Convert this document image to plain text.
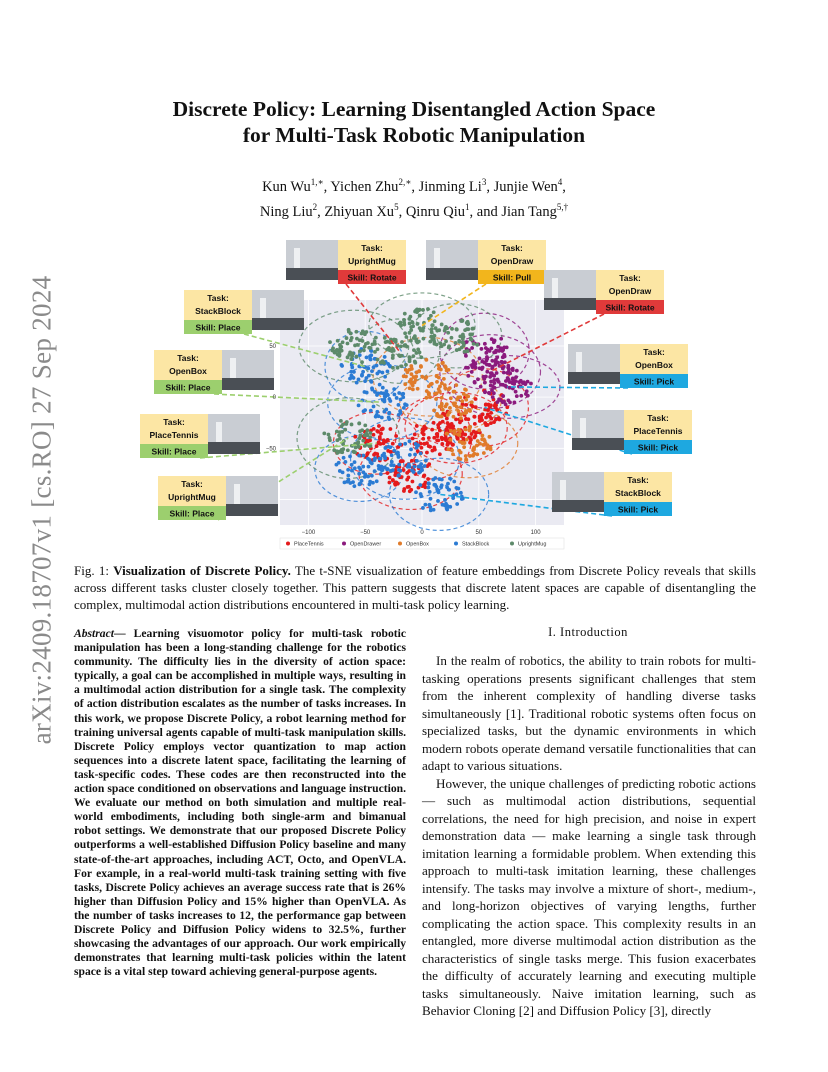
arXiv:2409.18707v1 [cs.RO] 27 Sep 2024
Discrete Policy: Learning Disentangled Action Space
for Multi-Task Robotic Manipulation
Kun $Wu^{1,∗}$, Yichen Zhu$^{2,∗}$, Jinming Li$^3$, Junjie Wen$^4$,
Ning Liu$^2$, Zhiyuan Xu$^5$, Qinru Qiu$^1$, and Jian Tang$^{5,\dagger}$
−100	−50	0	50	100
50
0
−50
Task:
UprightMug
Skill: Rotate
Task:
OpenDraw
Skill: Pull
Task:
StackBlock
Skill: Place
Task:
OpenDraw
Skill: Rotate
Task:
OpenBox
Skill: Place
Task:
OpenBox
Skill: Pick
Task:
PlaceTennis
Skill: Place
Task:
PlaceTennis
Skill: Pick
Task:
UprightMug
Skill: Place
Task:
StackBlock
Skill: Pick
PlaceTennis	OpenDrawer	OpenBox	StackBlock	UprightMug
Fig. 1: Visualization of Discrete Policy. The t-SNE visualization of feature embeddings from Discrete Policy reveals that skills across different tasks cluster closely together. This pattern suggests that discrete latent spaces are capable of disentangling the complex, multimodal action distributions encountered in multi-task policy learning.
Abstract— Learning visuomotor policy for multi-task robotic manipulation has been a long-standing challenge for the robotics community. The difficulty lies in the diversity of action space: typically, a goal can be accomplished in multiple ways, resulting in a multimodal action distribution for a single task. The complexity of action distribution escalates as the number of tasks increases. In this work, we propose Discrete Policy, a robot learning method for training universal agents capable of multi-task manipulation skills. Discrete Policy employs vector quantization to map action sequences into a discrete latent space, facilitating the learning of task-specific codes. These codes are then reconstructed into the action space conditioned on observations and language instruction. We evaluate our method on both simulation and multiple real-world embodiments, including both single-arm and bimanual robot settings. We demonstrate that our proposed Discrete Policy outperforms a well-established Diffusion Policy baseline and many state-of-the-art approaches, including ACT, Octo, and OpenVLA. For example, in a real-world multi-task training setting with five tasks, Discrete Policy achieves an average success rate that is 26% higher than Diffusion Policy and 15% higher than OpenVLA. As the number of tasks increases to 12, the performance gap between Discrete Policy and Diffusion Policy widens to 32.5%, further showcasing the advantages of our approach. Our work empirically demonstrates that learning multi-task policies within the latent space is a vital step toward achieving general-purpose agents.
I. Introduction

In the realm of robotics, the ability to train robots for multi-tasking operations presents significant challenges that stem from the inherent complexity of handling diverse tasks simultaneously [1]. Traditional robotic systems often focus on specialized tasks, but the dynamic environments in which modern robots operate demand versatile functionalities that can adapt to various situations.

However, the unique challenges of predicting robotic actions — such as multimodal action distributions, sequential correlations, the need for high precision, and noise in expert demonstration data — make learning a single task through imitation learning a formidable problem. When extending this approach to multi-task imitation learning, these challenges intensify. The tasks may involve a mixture of short-, medium-, and long-horizon objectives of varying lengths, further complicating the action space. This complexity results in an entangled, more diverse multimodal action distribution as the characteristics of single tasks merge. This fusion exacerbates the difficulty of accurately learning and executing multiple tasks simultaneously. Naive imitation learning, such as Behavior Cloning [2] and Diffusion Policy [3], directly
